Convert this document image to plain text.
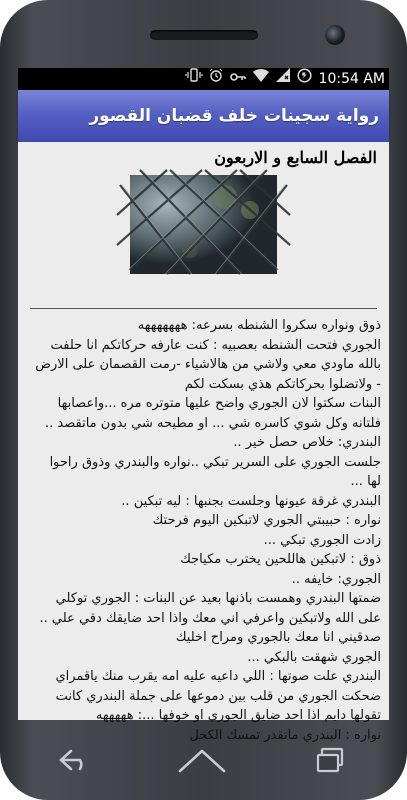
10:54 AM
رواية سجينات خلف قضبان القصور
الفصل السابع و الاربعون

ذوق ونواره سكروا الشنطه بسرعه: هههههههه

الجوري فتحت الشنطه بعصبيه : كنت عارفه حركاتكم انا حلفت

بالله ماودي معي ولاشي من هالاشياء -رمت القصمان على الارض

- ولاتضلوا بحركاتكم هذي بسكت لكم

البنات سكتوا لان الجوري واضح عليها متوتره مره ...واعصابها

فلتانه وكل شوي كاسره شي ... او مطيحه شي بدون ماتقصد ..

البندري: خلاص حصل خير ..

جلست الجوري على السرير تبكي ..نواره والبندري وذوق راحوا

لها ...

البندري غرقة عيونها وجلست بجنبها : ليه تبكين ..

نواره : حبيبتي الجوري لاتبكين اليوم فرحتك

زادت الجوري تبكي ...

ذوق : لاتبكين هاللحين يخترب مكياجك

الجوري: خايفه ..

ضمتها البندري وهمست باذنها بعيد عن البنات : الجوري توكلي

على الله ولاتبكين واعرفي اني معك واذا احد ضايقك دقي علي ..

صدقيني انا معك بالجوري ومراح اخليك

الجوري شهقت بالبكي ...

البندري علت صوتها : اللي داعيه عليه امه يقرب منك ياقمراي

ضحكت الجوري من قلب بين دموعها على جملة البندري كانت

تقولها دايم اذا احد ضايق الجوري او خوفها ...: هههههه

نواره : البندري ماتقدر تمسك الكحل
